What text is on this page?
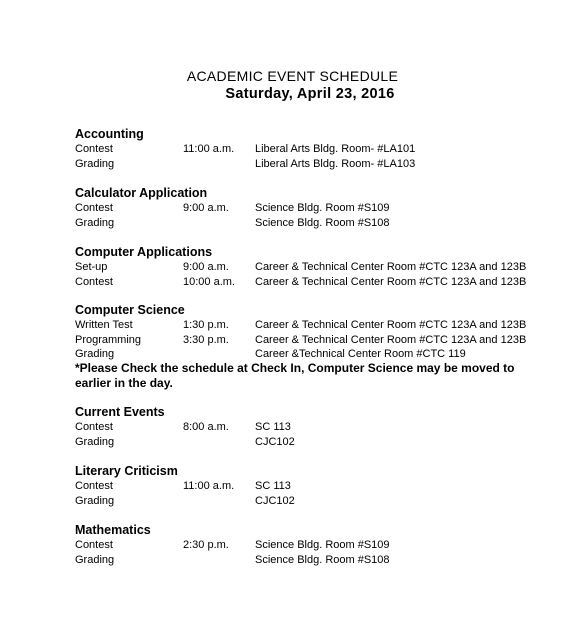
ACADEMIC EVENT SCHEDULE
Saturday, April 23, 2016
Accounting
Contest	11:00 a.m. Liberal Arts Bldg. Room- #LA101
Grading	Liberal Arts Bldg. Room- #LA103
Calculator Application
Contest	9:00 a.m. Science Bldg. Room #S109
Grading	Science Bldg. Room #S108
Computer Applications
Set-up	9:00 a.m. Career & Technical Center Room #CTC 123A and 123B
Contest	10:00 a.m. Career & Technical Center Room #CTC 123A and 123B
Computer Science
Written Test	1:30 p.m. Career & Technical Center Room #CTC 123A and 123B
Programming	3:30 p.m. Career & Technical Center Room #CTC 123A and 123B
Grading	Career &Technical Center Room #CTC 119
*Please Check the schedule at Check In, Computer Science may be moved to earlier in the day.
Current Events
Contest	8:00 a.m. SC 113
Grading	CJC102
Literary Criticism
Contest	11:00 a.m. SC 113
Grading	CJC102
Mathematics
Contest	2:30 p.m. Science Bldg. Room #S109
Grading	Science Bldg. Room #S108
